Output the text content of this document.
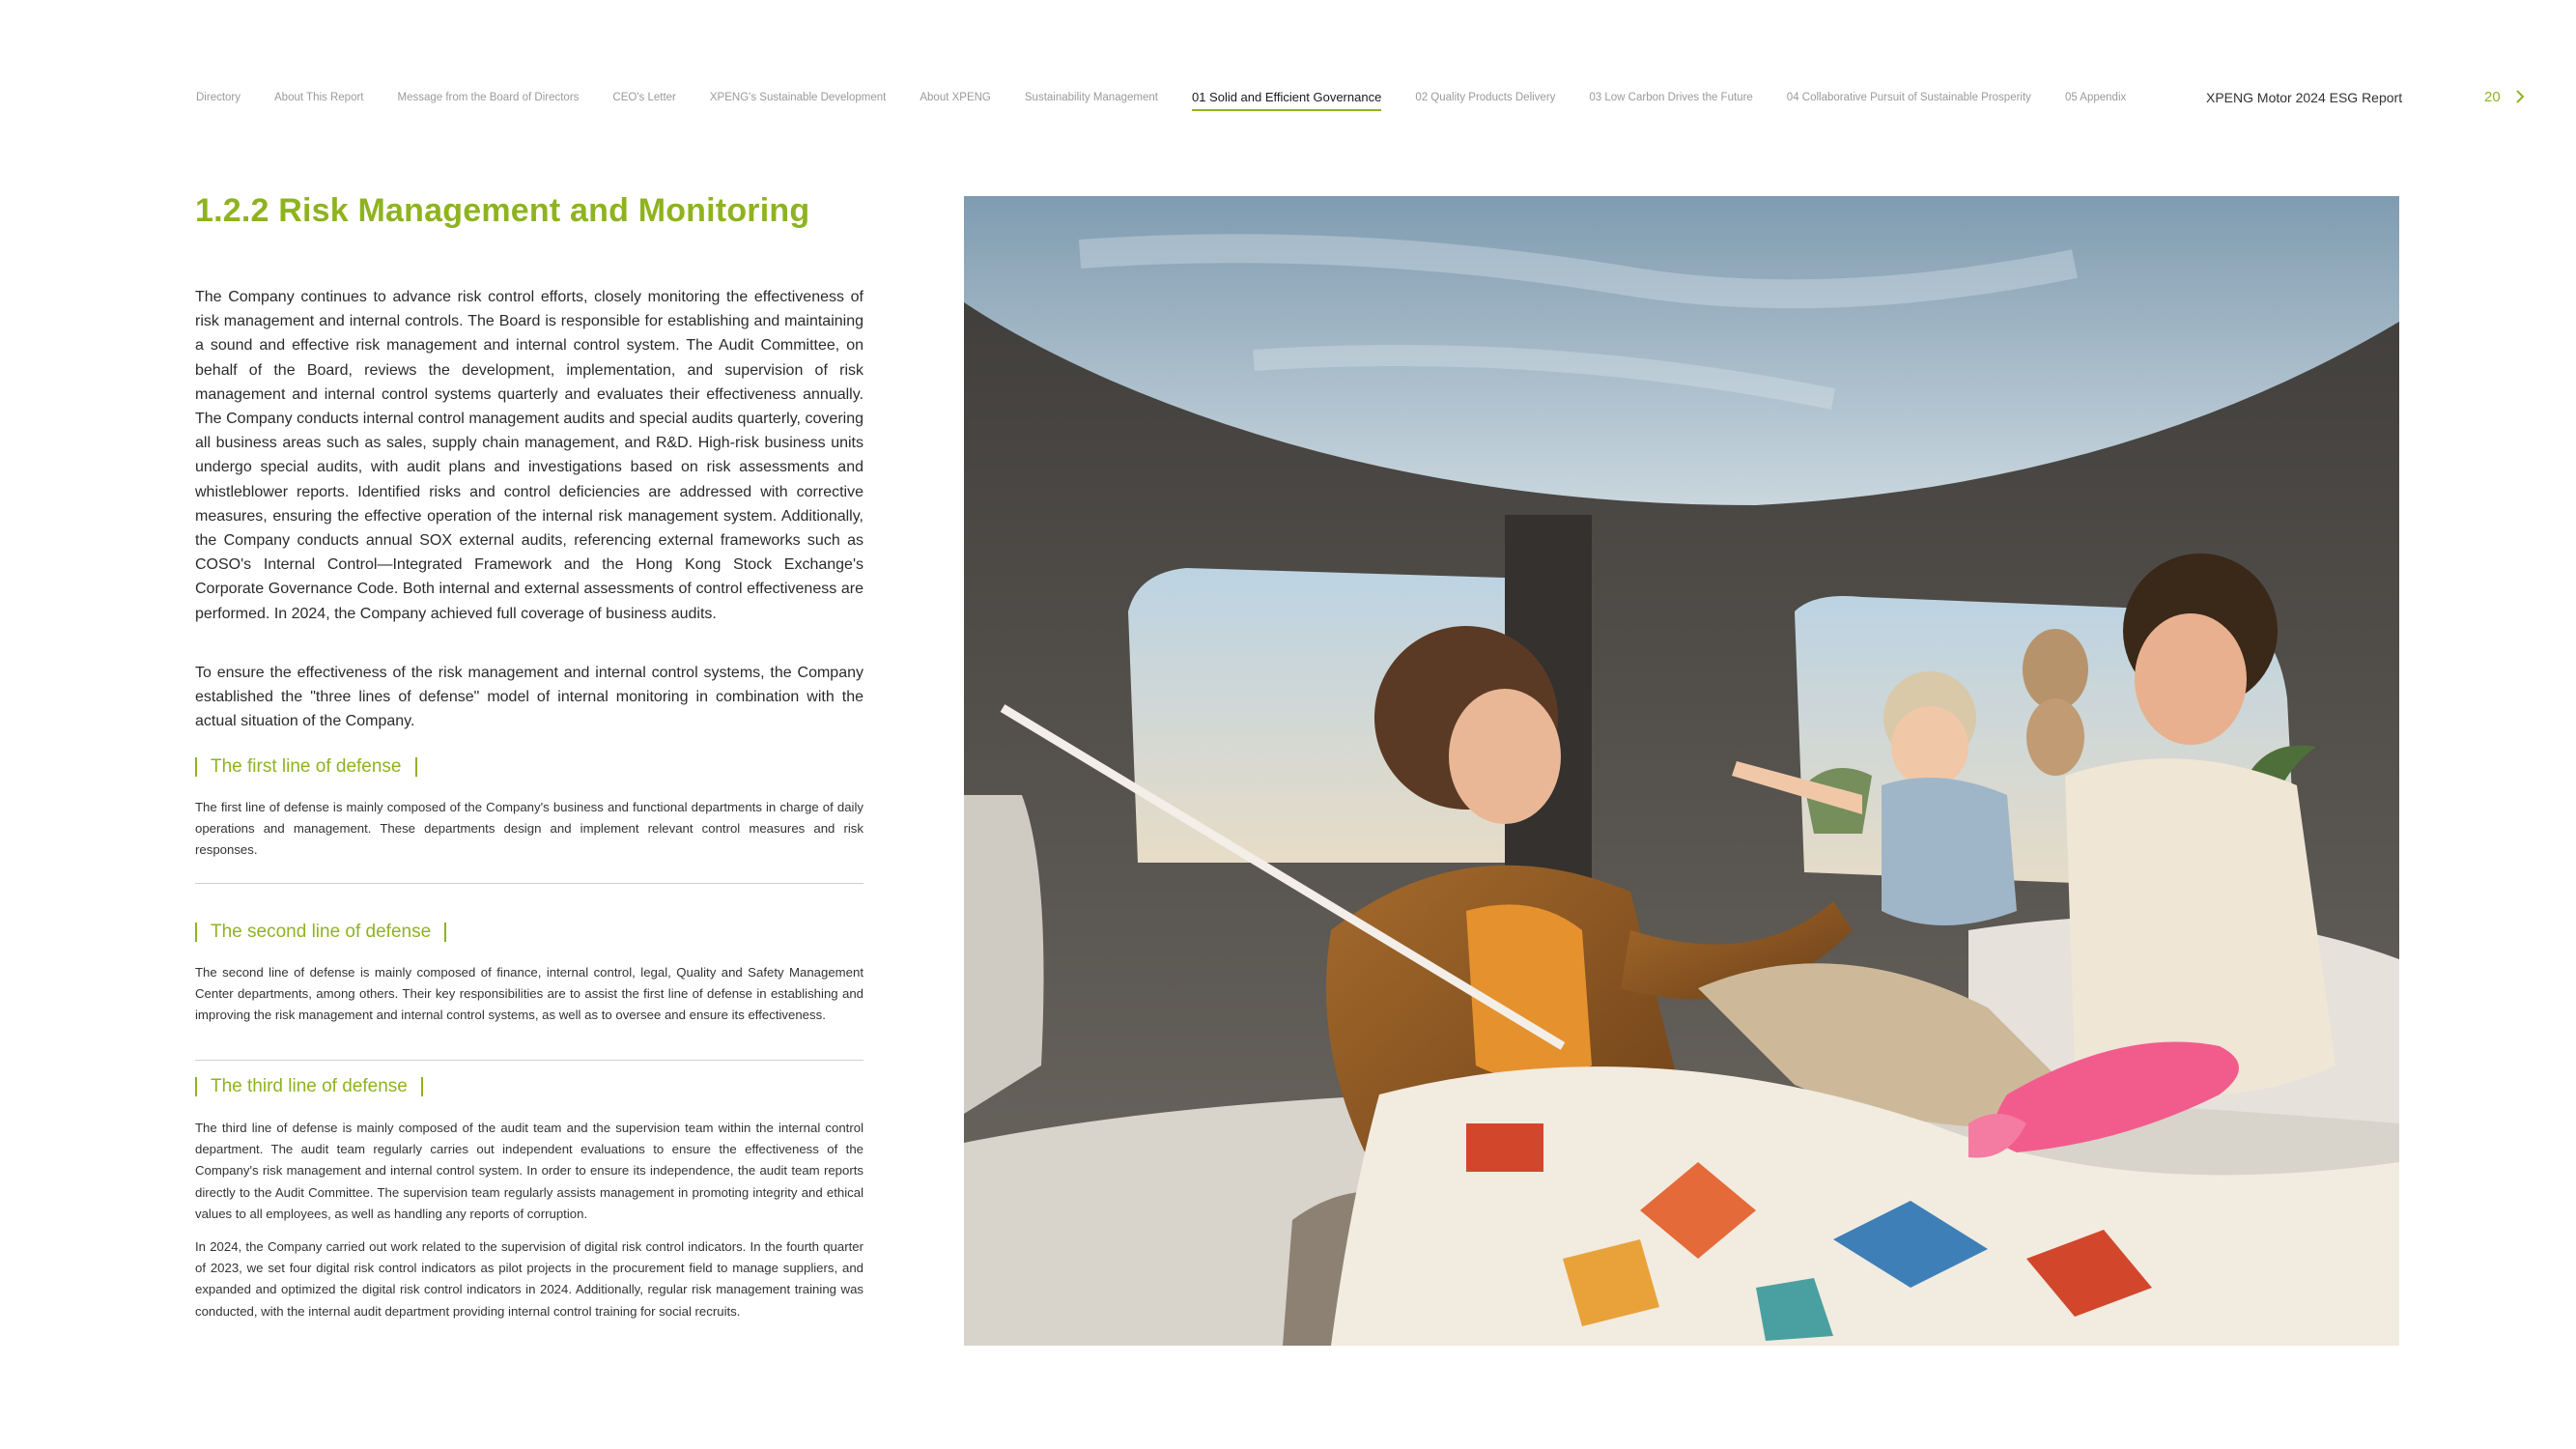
Directory	About This Report	Message from the Board of Directors	CEO's Letter	XPENG's Sustainable Development	About XPENG	Sustainability Management	01 Solid and Efficient Governance	02 Quality Products Delivery	03 Low Carbon Drives the Future	04 Collaborative Pursuit of Sustainable Prosperity	05 Appendix	XPENG Motor 2024 ESG Report	20
1.2.2 Risk Management and Monitoring

The Company continues to advance risk control efforts, closely monitoring the effectiveness of risk management and internal controls. The Board is responsible for establishing and maintaining a sound and effective risk management and internal control system. The Audit Committee, on behalf of the Board, reviews the development, implementation, and supervision of risk management and internal control systems quarterly and evaluates their effectiveness annually. The Company conducts internal control management audits and special audits quarterly, covering all business areas such as sales, supply chain management, and R&D. High-risk business units undergo special audits, with audit plans and investigations based on risk assessments and whistleblower reports. Identified risks and control deficiencies are addressed with corrective measures, ensuring the effective operation of the internal risk management system. Additionally, the Company conducts annual SOX external audits, referencing external frameworks such as COSO's Internal Control—Integrated Framework and the Hong Kong Stock Exchange's Corporate Governance Code. Both internal and external assessments of control effectiveness are performed. In 2024, the Company achieved full coverage of business audits.

To ensure the effectiveness of the risk management and internal control systems, the Company established the "three lines of defense" model of internal monitoring in combination with the actual situation of the Company.

The first line of defense

The first line of defense is mainly composed of the Company's business and functional departments in charge of daily operations and management. These departments design and implement relevant control measures and risk responses.

The second line of defense

The second line of defense is mainly composed of finance, internal control, legal, Quality and Safety Management Center departments, among others. Their key responsibilities are to assist the first line of defense in establishing and improving the risk management and internal control systems, as well as to oversee and ensure its effectiveness.

The third line of defense

The third line of defense is mainly composed of the audit team and the supervision team within the internal control department. The audit team regularly carries out independent evaluations to ensure the effectiveness of the Company's risk management and internal control system. In order to ensure its independence, the audit team reports directly to the Audit Committee. The supervision team regularly assists management in promoting integrity and ethical values to all employees, as well as handling any reports of corruption.

In 2024, the Company carried out work related to the supervision of digital risk control indicators. In the fourth quarter of 2023, we set four digital risk control indicators as pilot projects in the procurement field to manage suppliers, and expanded and optimized the digital risk control indicators in 2024. Additionally, regular risk management training was conducted, with the internal audit department providing internal control training for social recruits.
